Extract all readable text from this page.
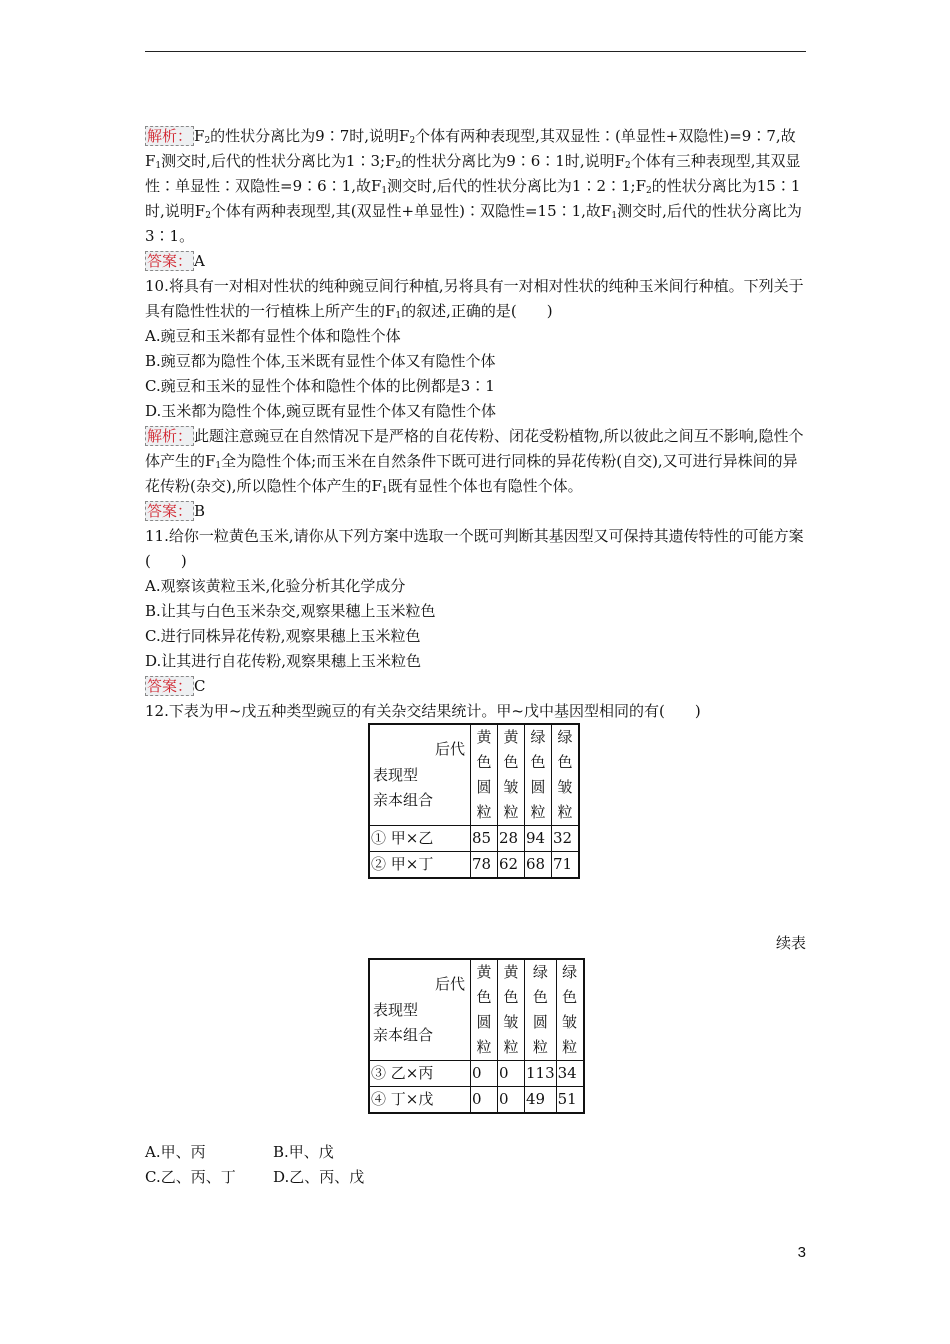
解析： $F_2$的性状分离比为9∶7时,说明$F_2$个体有两种表现型,其双显性∶(单显性+双隐性)=9∶7,故$F_1$测交时,后代的性状分离比为$1∶3;F_2$的性状分离比为9∶6∶1时,说明$F_2$个体有三种表现型,其双显性∶单显性∶双隐性=9∶6∶1,故$F_1$测交时,后代的性状分离比为$1∶2∶1;F_2$的性状分离比为15∶1时,说明$F_2$个体有两种表现型,其(双显性+单显性)∶双隐性=15∶1,故$F_1$测交时,后代的性状分离比为3∶1。

答案： A

10.将具有一对相对性状的纯种豌豆间行种植,另将具有一对相对性状的纯种玉米间行种植。下列关于具有隐性性状的一行植株上所产生的$F_1$的叙述,正确的是(　　)

A.豌豆和玉米都有显性个体和隐性个体

B.豌豆都为隐性个体,玉米既有显性个体又有隐性个体

C.豌豆和玉米的显性个体和隐性个体的比例都是3∶1

D.玉米都为隐性个体,豌豆既有显性个体又有隐性个体

解析： 此题注意豌豆在自然情况下是严格的自花传粉、闭花受粉植物,所以彼此之间互不影响,隐性个体产生的$F_1$全为隐性个体;而玉米在自然条件下既可进行同株的异花传粉(自交),又可进行异株间的异花传粉(杂交),所以隐性个体产生的$F_1$既有显性个体也有隐性个体。

答案： B

11.给你一粒黄色玉米,请你从下列方案中选取一个既可判断其基因型又可保持其遗传特性的可能方案(　　)

A.观察该黄粒玉米,化验分析其化学成分

B.让其与白色玉米杂交,观察果穗上玉米粒色

C.进行同株异花传粉,观察果穗上玉米粒色

D.让其进行自花传粉,观察果穗上玉米粒色

答案： C

12.下表为甲~戊五种类型豌豆的有关杂交结果统计。甲~戊中基因型相同的有(　　)

后代
表现型
亲本组合	黄
色
圆
粒	黄
色
皱
粒	绿
色
圆
粒	绿
色
皱
粒
① 甲×乙	85	28	94	32
② 甲×丁	78	62	68	71
续表
后代
表现型
亲本组合	黄
色
圆
粒	黄
色
皱
粒	绿
色
圆
粒	绿
色
皱
粒
③ 乙×丙	0	0	113	34
④ 丁×戊	0	0	49	51
A.甲、丙	B.甲、戊
C.乙、丙、丁 D.乙、丙、戊
3
